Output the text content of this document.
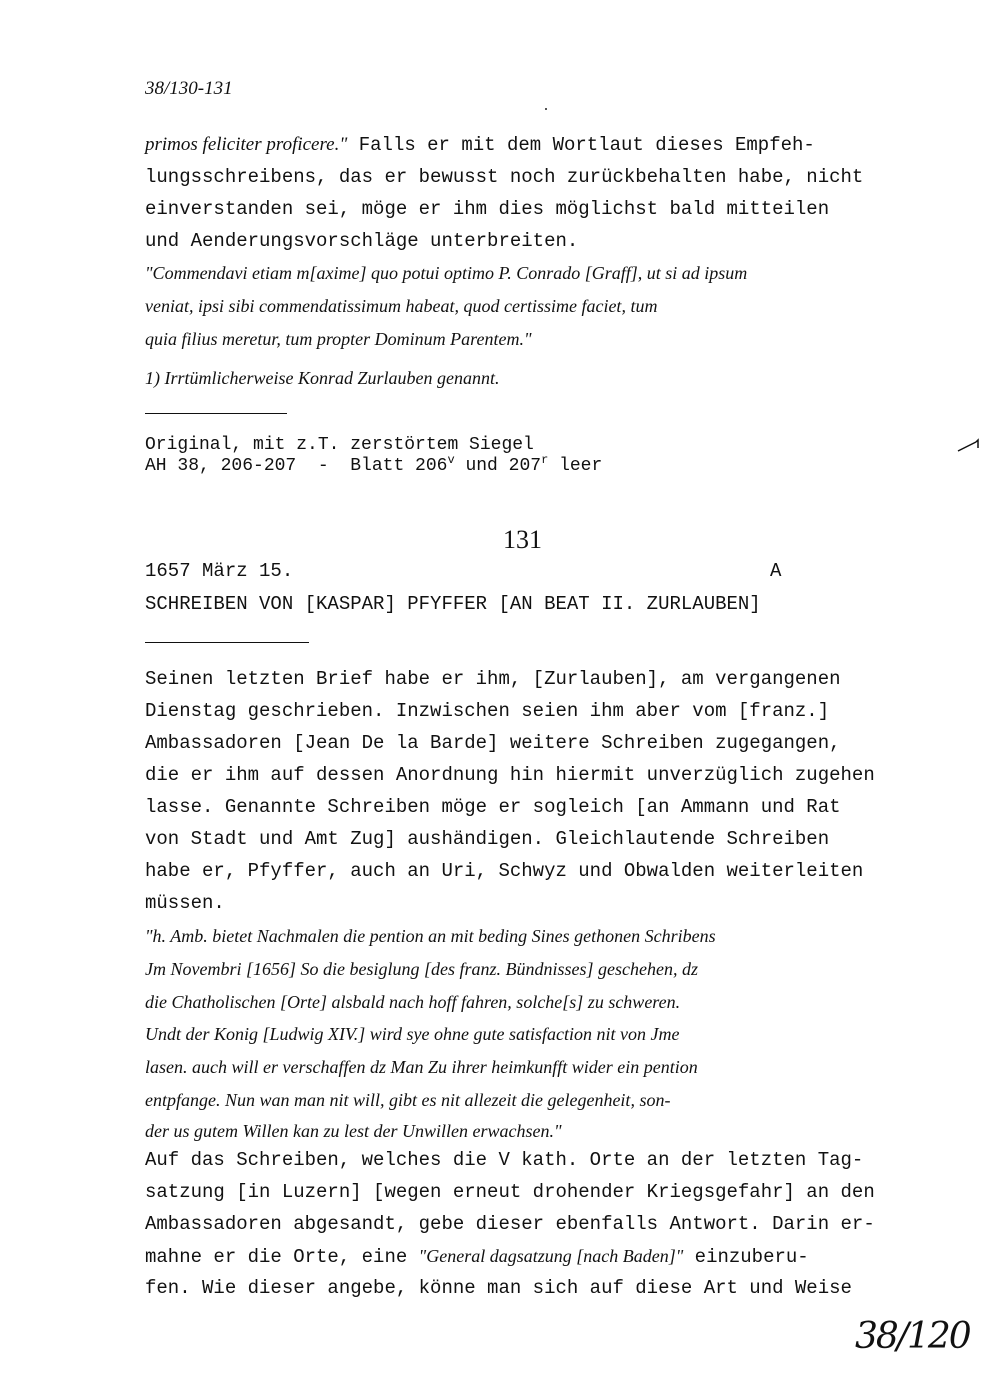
38/130-131
primos feliciter proficere." Falls er mit dem Wortlaut dieses Empfeh-
lungsschreibens, das er bewusst noch zurückbehalten habe, nicht
einverstanden sei, möge er ihm dies möglichst bald mitteilen
und Aenderungsvorschläge unterbreiten.
"Commendavi etiam m[axime] quo potui optimo P. Conrado [Graff], ut si ad ipsum
veniat, ipsi sibi commendatissimum habeat, quod certissime faciet, tum
quia filius meretur, tum propter Dominum Parentem."
1) Irrtümlicherweise Konrad Zurlauben genannt.
Original, mit z.T. zerstörtem Siegel
AH 38, 206-207  -  Blatt 206$^v$ und 207$^r$ leer
131
1657 März 15.	A
SCHREIBEN VON [KASPAR] PFYFFER [AN BEAT II. ZURLAUBEN]
Seinen letzten Brief habe er ihm, [Zurlauben], am vergangenen
Dienstag geschrieben. Inzwischen seien ihm aber vom [franz.]
Ambassadoren [Jean De la Barde] weitere Schreiben zugegangen,
die er ihm auf dessen Anordnung hin hiermit unverzüglich zugehen
lasse. Genannte Schreiben möge er sogleich [an Ammann und Rat
von Stadt und Amt Zug] aushändigen. Gleichlautende Schreiben
habe er, Pfyffer, auch an Uri, Schwyz und Obwalden weiterleiten
müssen.
"h. Amb. bietet Nachmalen die pention an mit beding Sines gethonen Schribens
Jm Novembri [1656] So die besiglung [des franz. Bündnisses] geschehen, dz
die Chatholischen [Orte] alsbald nach hoff fahren, solche[s] zu schweren.
Undt der Konig [Ludwig XIV.] wird sye ohne gute satisfaction nit von Jme
lasen. auch will er verschaffen dz Man Zu ihrer heimkunfft wider ein pention
entpfange. Nun wan man nit will, gibt es nit allezeit die gelegenheit, son-
der us gutem Willen kan zu lest der Unwillen erwachsen."
Auf das Schreiben, welches die V kath. Orte an der letzten Tag-
satzung [in Luzern] [wegen erneut drohender Kriegsgefahr] an den
Ambassadoren abgesandt, gebe dieser ebenfalls Antwort. Darin er-
mahne er die Orte, eine "General dagsatzung [nach Baden]" einzuberu-
fen. Wie dieser angebe, könne man sich auf diese Art und Weise
38/120
